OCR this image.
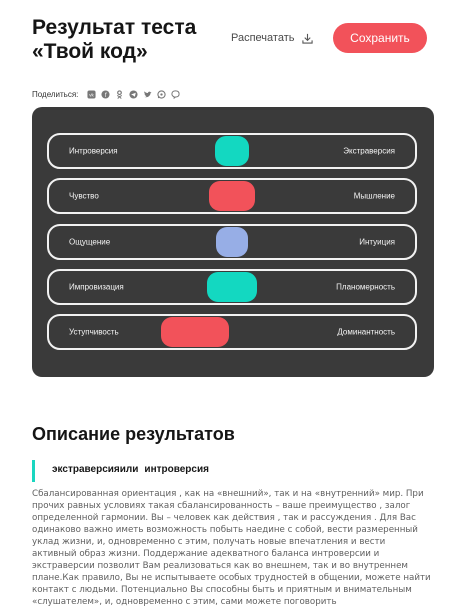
Результат теста
«Твой код»
Распечатать	Сохранить
Поделиться: vk f
Интроверсия	Экстраверсия
Чувство	Мышление
Ощущение	Интуиция
Импровизация	Планомерность
Уступчивость	Доминантность
Описание результатов
экстраверсияили интроверсия

Сбалансированная ориентация , как на «внешний», так и на «внутренний» мир. При прочих равных условиях такая сбалансированность – ваше преимущество , залог определенной гармонии. Вы – человек как действия , так и рассуждения . Для Вас одинаково важно иметь возможность побыть наедине с собой, вести размеренный уклад жизни, и, одновременно с этим, получать новые впечатления и вести активный образ жизни. Поддержание адекватного баланса интроверсии и экстраверсии позволит Вам реализоваться как во внешнем, так и во внутреннем плане.Как правило, Вы не испытываете особых трудностей в общении, можете найти контакт с людьми. Потенциально Вы способны быть и приятным и внимательным «слушателем», и, одновременно с этим, сами можете поговорить
